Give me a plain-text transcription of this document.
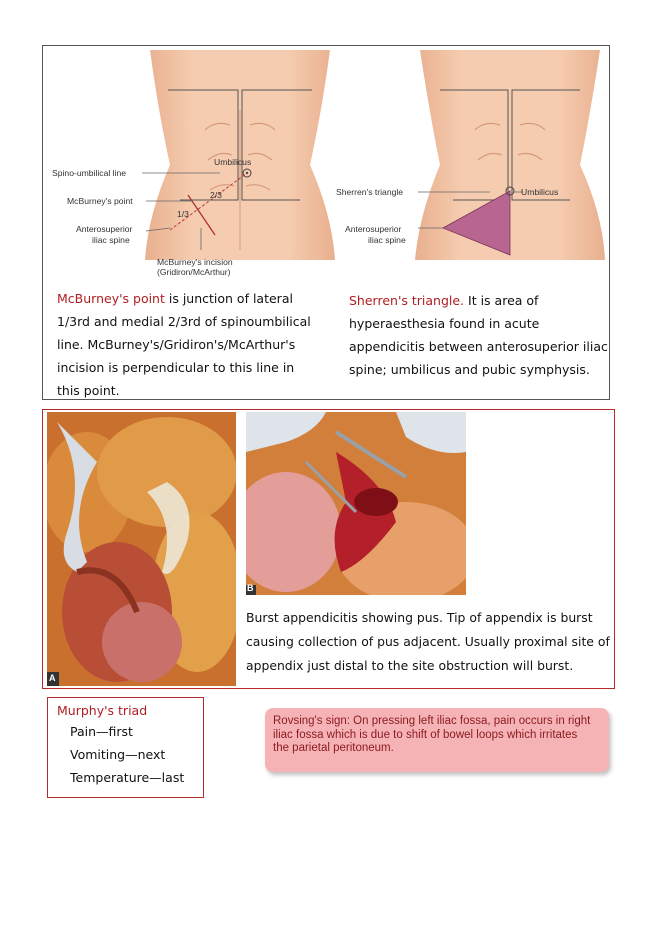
Spino-umbilical line
McBurney's point
Anterosuperior
iliac spine
Umbilicus
2/3
1/3
McBurney's incision
(Gridiron/McArthur)
Sherren's triangle	Umbilicus
Anterosuperior
iliac spine
McBurney's point is junction of lateral
1/3rd and medial 2/3rd of spinoumbilical
line. McBurney's/Gridiron's/McArthur's
incision is perpendicular to this line in
this point.
Sherren's triangle. It is area of
hyperaesthesia found in acute
appendicitis between anterosuperior iliac
spine; umbilicus and pubic symphysis.
A
B
Burst appendicitis showing pus. Tip of appendix is burst
causing collection of pus adjacent. Usually proximal site of
appendix just distal to the site obstruction will burst.
Murphy's triad
Pain—first
Vomiting—next
Temperature—last
Rovsing's sign: On pressing left iliac fossa, pain occurs in right iliac fossa which is due to shift of bowel loops which irritates the parietal peritoneum.
